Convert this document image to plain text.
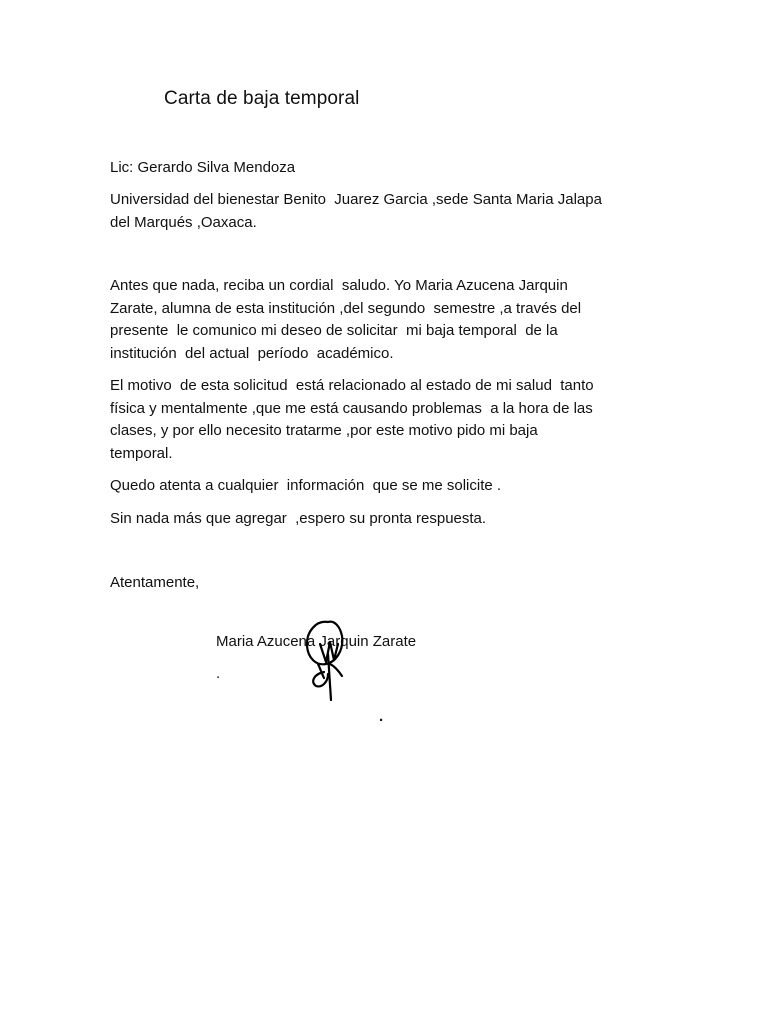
Carta de baja temporal

Lic: Gerardo Silva Mendoza

Universidad del bienestar Benito  Juarez Garcia ,sede Santa Maria Jalapa
del Marqués ,Oaxaca.

Antes que nada, reciba un cordial  saludo. Yo Maria Azucena Jarquin
Zarate, alumna de esta institución ,del segundo  semestre ,a través del
presente  le comunico mi deseo de solicitar  mi baja temporal  de la
institución  del actual  período  académico.

El motivo  de esta solicitud  está relacionado al estado de mi salud  tanto
física y mentalmente ,que me está causando problemas  a la hora de las
clases, y por ello necesito tratarme ,por este motivo pido mi baja
temporal.

Quedo atenta a cualquier  información  que se me solicite .

Sin nada más que agregar  ,espero su pronta respuesta.

Atentamente,

Maria Azucena Jarquin Zarate

.

.
